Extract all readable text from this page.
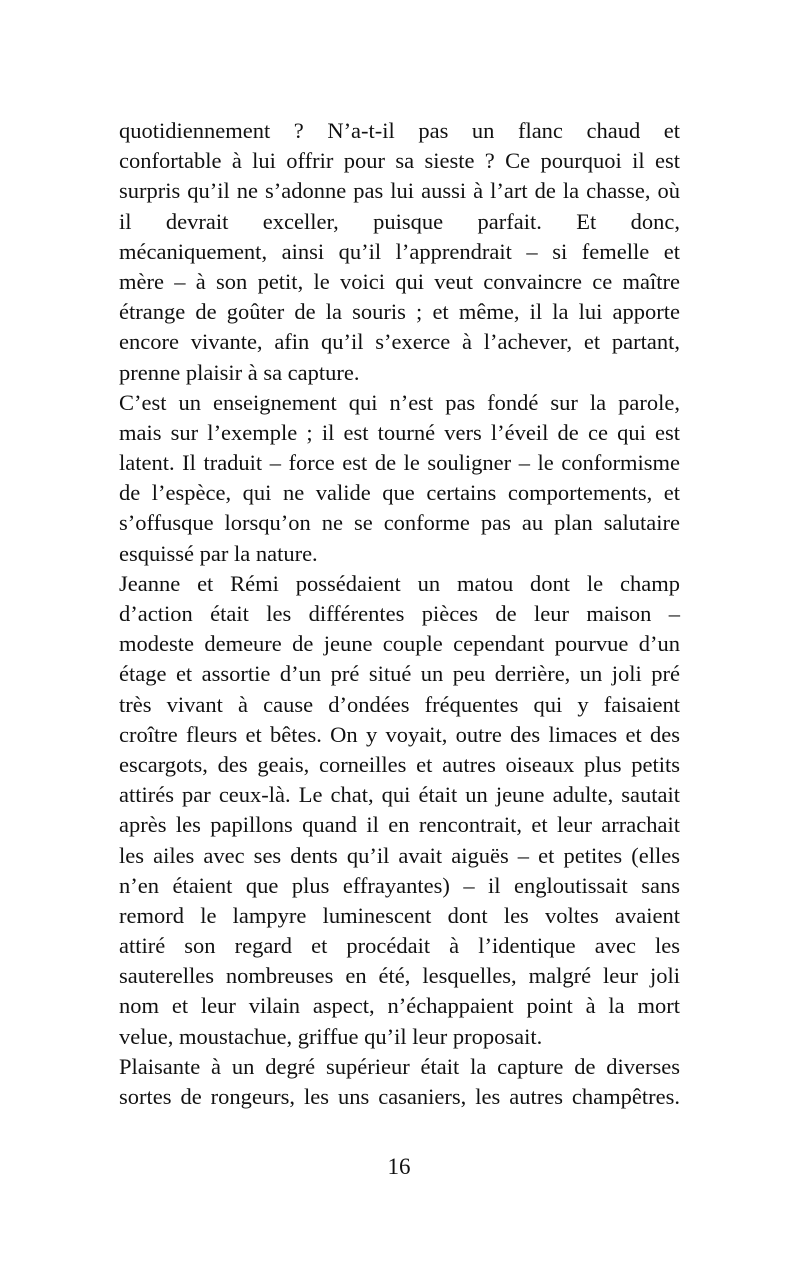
quotidiennement ? N’a-t-il pas un flanc chaud et
confortable à lui offrir pour sa sieste ? Ce pourquoi il est
surpris qu’il ne s’adonne pas lui aussi à l’art de la chasse, où
il devrait exceller, puisque parfait. Et donc,
mécaniquement, ainsi qu’il l’apprendrait – si femelle et
mère – à son petit, le voici qui veut convaincre ce maître
étrange de goûter de la souris ; et même, il la lui apporte
encore vivante, afin qu’il s’exerce à l’achever, et partant,
prenne plaisir à sa capture.
C’est un enseignement qui n’est pas fondé sur la parole,
mais sur l’exemple ; il est tourné vers l’éveil de ce qui est
latent. Il traduit – force est de le souligner – le conformisme
de l’espèce, qui ne valide que certains comportements, et
s’offusque lorsqu’on ne se conforme pas au plan salutaire
esquissé par la nature.
Jeanne et Rémi possédaient un matou dont le champ
d’action était les différentes pièces de leur maison –
modeste demeure de jeune couple cependant pourvue d’un
étage et assortie d’un pré situé un peu derrière, un joli pré
très vivant à cause d’ondées fréquentes qui y faisaient
croître fleurs et bêtes. On y voyait, outre des limaces et des
escargots, des geais, corneilles et autres oiseaux plus petits
attirés par ceux-là. Le chat, qui était un jeune adulte, sautait
après les papillons quand il en rencontrait, et leur arrachait
les ailes avec ses dents qu’il avait aiguës – et petites (elles
n’en étaient que plus effrayantes) – il engloutissait sans
remord le lampyre luminescent dont les voltes avaient
attiré son regard et procédait à l’identique avec les
sauterelles nombreuses en été, lesquelles, malgré leur joli
nom et leur vilain aspect, n’échappaient point à la mort
velue, moustachue, griffue qu’il leur proposait.
Plaisante à un degré supérieur était la capture de diverses
sortes de rongeurs, les uns casaniers, les autres champêtres.
16
